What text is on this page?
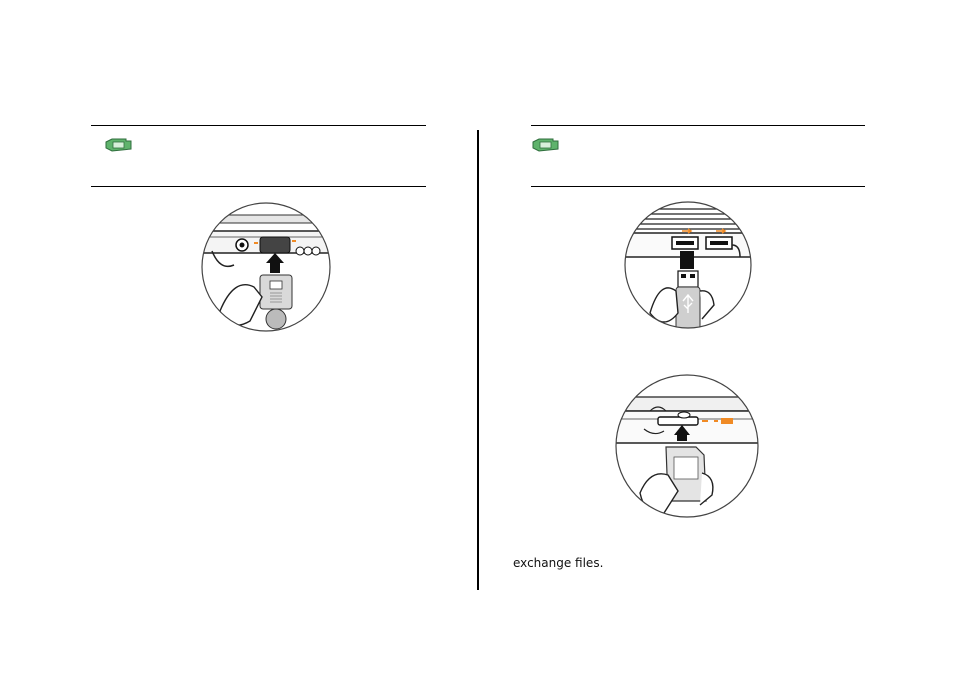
exchange files.
